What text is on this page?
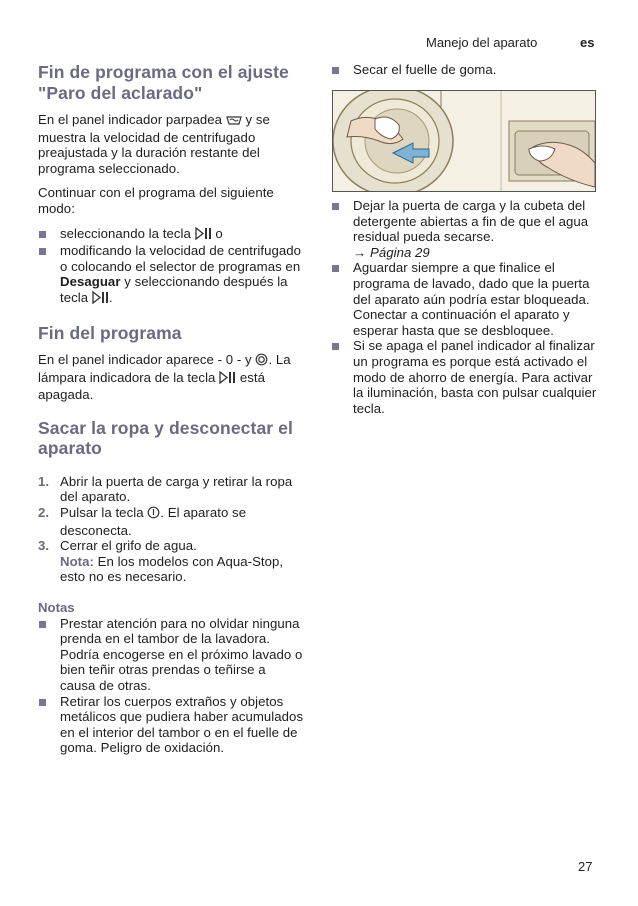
Manejo del aparato	es
Fin de programa con el ajuste "Paro del aclarado"

En el panel indicador parpadea y se muestra la velocidad de centrifugado preajustada y la duración restante del programa seleccionado.

Continuar con el programa del siguiente modo:

seleccionando la tecla o
modificando la velocidad de centrifugado o colocando el selector de programas en Desaguar y seleccionando después la tecla .
Fin del programa

En el panel indicador aparece - 0 - y . La lámpara indicadora de la tecla está apagada.

Sacar la ropa y desconectar el aparato
1. Abrir la puerta de carga y retirar la ropa del aparato.
2. Pulsar la tecla . El aparato se desconecta.
3. Cerrar el grifo de agua.
Nota: En los modelos con Aqua-Stop, esto no es necesario.
Notas
Prestar atención para no olvidar ninguna prenda en el tambor de la lavadora. Podría encogerse en el próximo lavado o bien teñir otras prendas o teñirse a causa de otras.
Retirar los cuerpos extraños y objetos metálicos que pudiera haber acumulados en el interior del tambor o en el fuelle de goma. Peligro de oxidación.
Secar el fuelle de goma.
Dejar la puerta de carga y la cubeta del detergente abiertas a fin de que el agua residual pueda secarse.
→ Página 29
Aguardar siempre a que finalice el programa de lavado, dado que la puerta del aparato aún podría estar bloqueada. Conectar a continuación el aparato y esperar hasta que se desbloquee.
Si se apaga el panel indicador al finalizar un programa es porque está activado el modo de ahorro de energía. Para activar la iluminación, basta con pulsar cualquier tecla.
27
